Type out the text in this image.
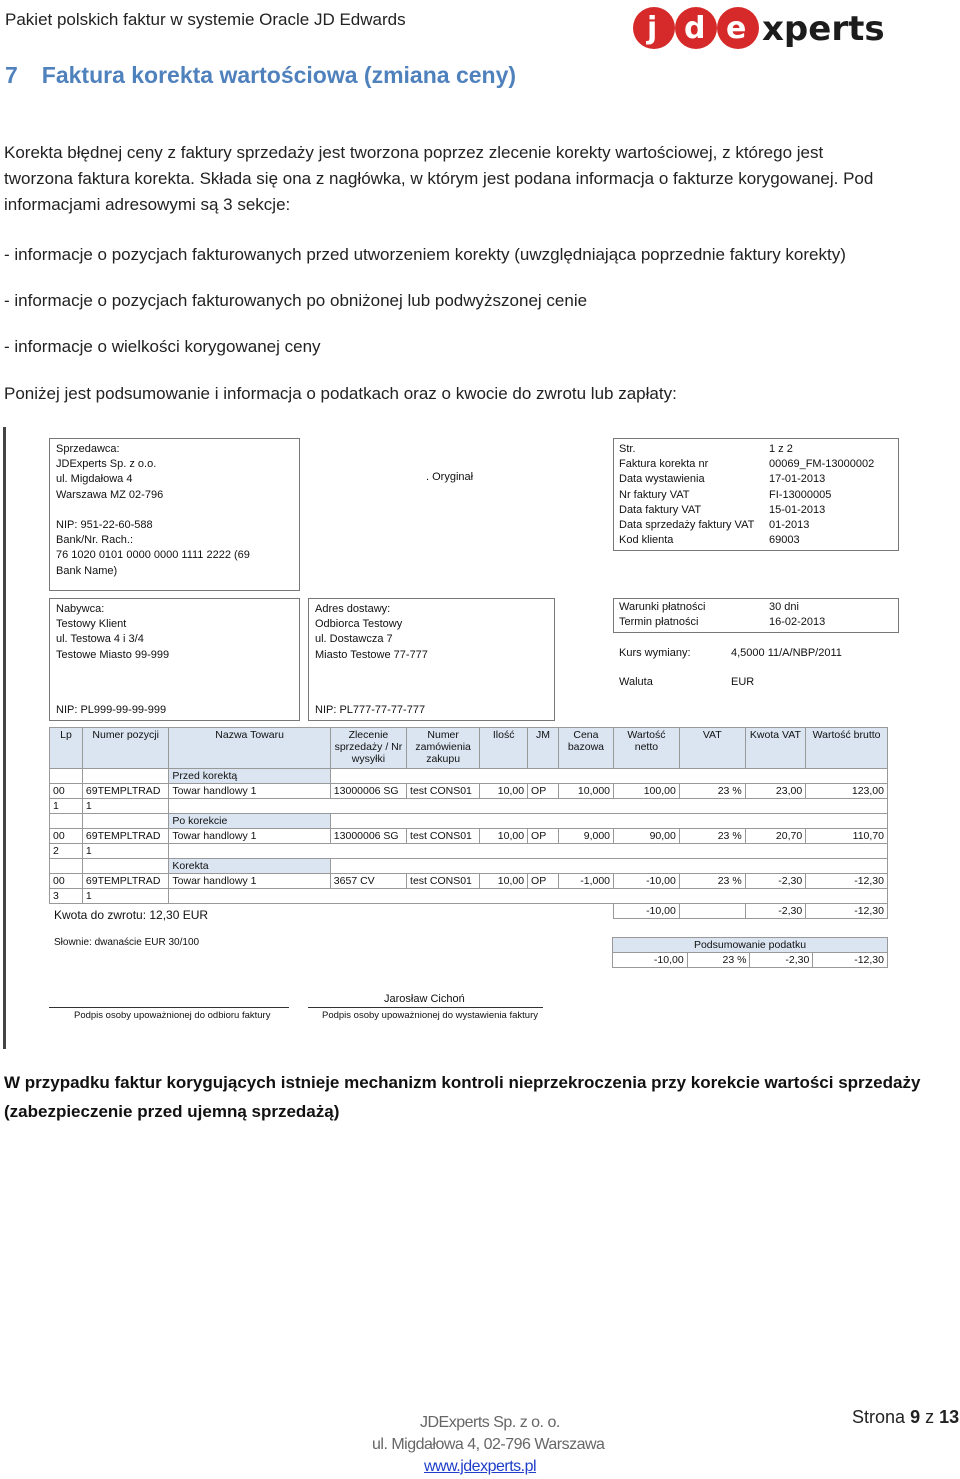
Pakiet polskich faktur w systemie Oracle JD Edwards	j d e xperts
7 Faktura korekta wartościowa (zmiana ceny)
Korekta błędnej ceny z faktury sprzedaży jest tworzona poprzez zlecenie korekty wartościowej, z którego jest
tworzona faktura korekta. Składa się ona z nagłówka, w którym jest podana informacja o fakturze korygowanej. Pod
informacjami adresowymi są 3 sekcje:
- informacje o pozycjach fakturowanych przed utworzeniem korekty (uwzględniająca poprzednie faktury korekty)
- informacje o pozycjach fakturowanych po obniżonej lub podwyższonej cenie
- informacje o wielkości korygowanej ceny
Poniżej jest podsumowanie i informacja o podatkach oraz o kwocie do zwrotu lub zapłaty:
Sprzedawca:
JDExperts Sp. z o.o.
ul. Migdałowa 4
Warszawa MZ 02-796

NIP: 951-22-60-588
Bank/Nr. Rach.:
76 1020 0101 0000 0000 1111 2222 (69
Bank Name)
. Oryginał
Str.	1 z 2
Faktura korekta nr	00069_FM-13000002
Data wystawienia	17-01-2013
Nr faktury VAT	FI-13000005
Data faktury VAT	15-01-2013
Data sprzedaży faktury VAT	01-2013
Kod klienta	69003
Nabywca:
Testowy Klient
ul. Testowa 4 i 3/4
Testowe Miasto 99-999
NIP: PL999-99-99-999
Adres dostawy:
Odbiorca Testowy
ul. Dostawcza 7
Miasto Testowe 77-777
NIP: PL777-77-77-777
Warunki płatności	30 dni
Termin płatności	16-02-2013
Kurs wymiany:	4,5000 11/A/NBP/2011
Waluta	EUR
Lp	Numer pozycji	Nazwa Towaru	Zlecenie sprzedaży / Nr wysyłki	Numer zamówienia zakupu	Ilość	JM	Cena bazowa	Wartość netto	VAT	Kwota VAT	Wartość brutto
		Przed korektą									
00	69TEMPLTRAD	Towar handlowy 1	13000006 SG	test CONS01	10,00	OP	10,000	100,00	23 %	23,00	123,00
1	1										
		Po korekcie									
00	69TEMPLTRAD	Towar handlowy 1	13000006 SG	test CONS01	10,00	OP	9,000	90,00	23 %	20,70	110,70
2	1										
		Korekta									
00	69TEMPLTRAD	Towar handlowy 1	3657 CV	test CONS01	10,00	OP	-1,000	-10,00	23 %	-2,30	-12,30
3	1										
								-10,00		-2,30	-12,30
Kwota do zwrotu: 12,30 EUR
Słownie: dwanaście EUR 30/100	Podsumowanie podatku
-10,00	23 %	-2,30	-12,30
Jarosław Cichoń
Podpis osoby upoważnionej do odbioru faktury	Podpis osoby upoważnionej do wystawienia faktury
W przypadku faktur korygujących istnieje mechanizm kontroli nieprzekroczenia przy korekcie wartości sprzedaży
(zabezpieczenie przed ujemną sprzedażą)
JDExperts Sp. z o. o.
ul. Migdałowa 4, 02-796 Warszawa
www.jdexperts.pl
Strona 9 z 13
